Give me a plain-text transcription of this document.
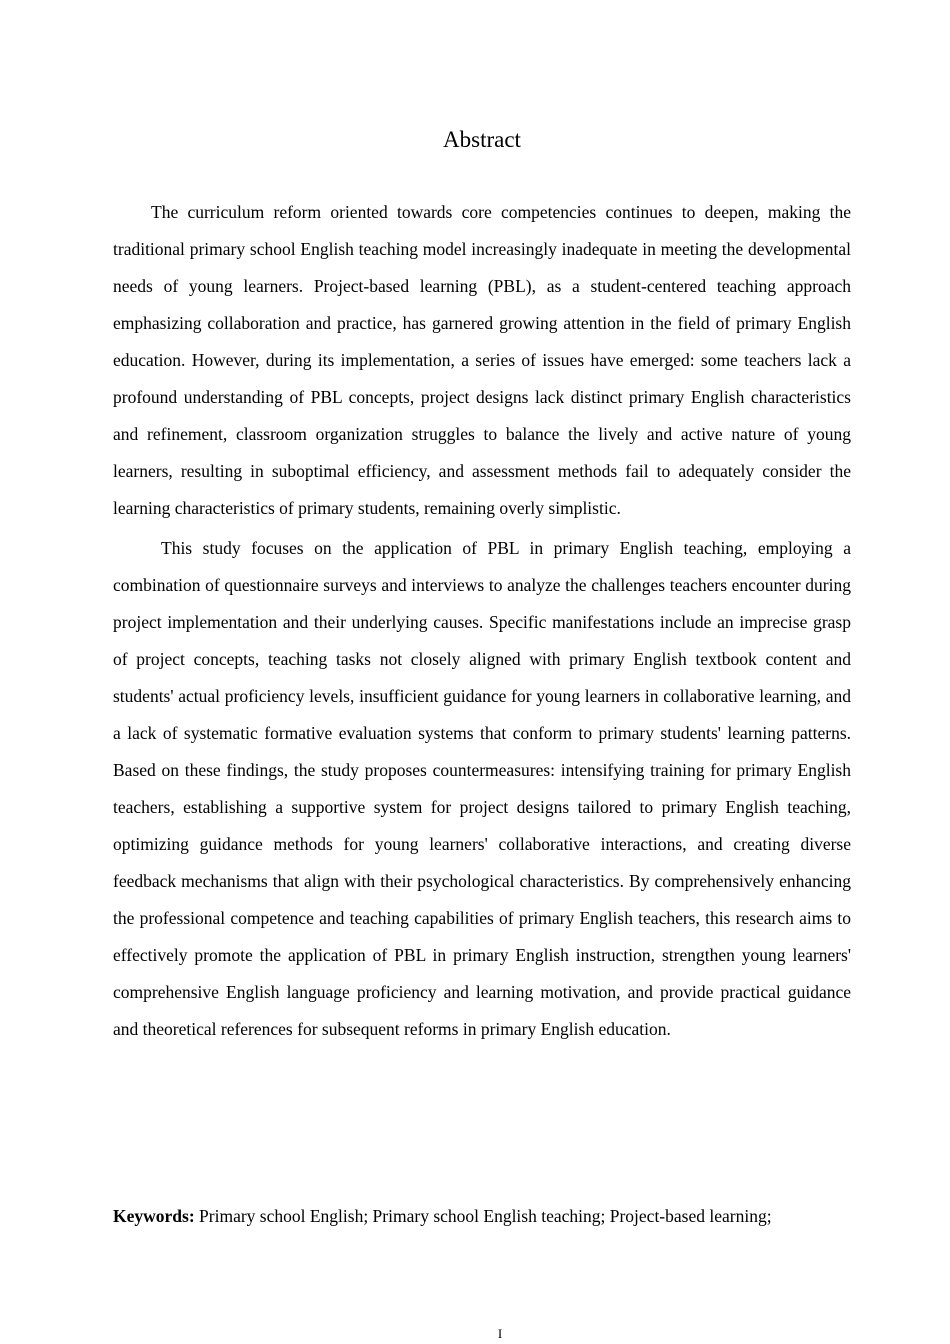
Abstract

The curriculum reform oriented towards core competencies continues to deepen, making the traditional primary school English teaching model increasingly inadequate in meeting the developmental needs of young learners. Project-based learning (PBL), as a student-centered teaching approach emphasizing collaboration and practice, has garnered growing attention in the field of primary English education. However, during its implementation, a series of issues have emerged: some teachers lack a profound understanding of PBL concepts, project designs lack distinct primary English characteristics and refinement, classroom organization struggles to balance the lively and active nature of young learners, resulting in suboptimal efficiency, and assessment methods fail to adequately consider the learning characteristics of primary students, remaining overly simplistic.

This study focuses on the application of PBL in primary English teaching, employing a combination of questionnaire surveys and interviews to analyze the challenges teachers encounter during project implementation and their underlying causes. Specific manifestations include an imprecise grasp of project concepts, teaching tasks not closely aligned with primary English textbook content and students' actual proficiency levels, insufficient guidance for young learners in collaborative learning, and a lack of systematic formative evaluation systems that conform to primary students' learning patterns. Based on these findings, the study proposes countermeasures: intensifying training for primary English teachers, establishing a supportive system for project designs tailored to primary English teaching, optimizing guidance methods for young learners' collaborative interactions, and creating diverse feedback mechanisms that align with their psychological characteristics. By comprehensively enhancing the professional competence and teaching capabilities of primary English teachers, this research aims to effectively promote the application of PBL in primary English instruction, strengthen young learners' comprehensive English language proficiency and learning motivation, and provide practical guidance and theoretical references for subsequent reforms in primary English education.

Keywords: Primary school English; Primary school English teaching; Project-based learning;

I
